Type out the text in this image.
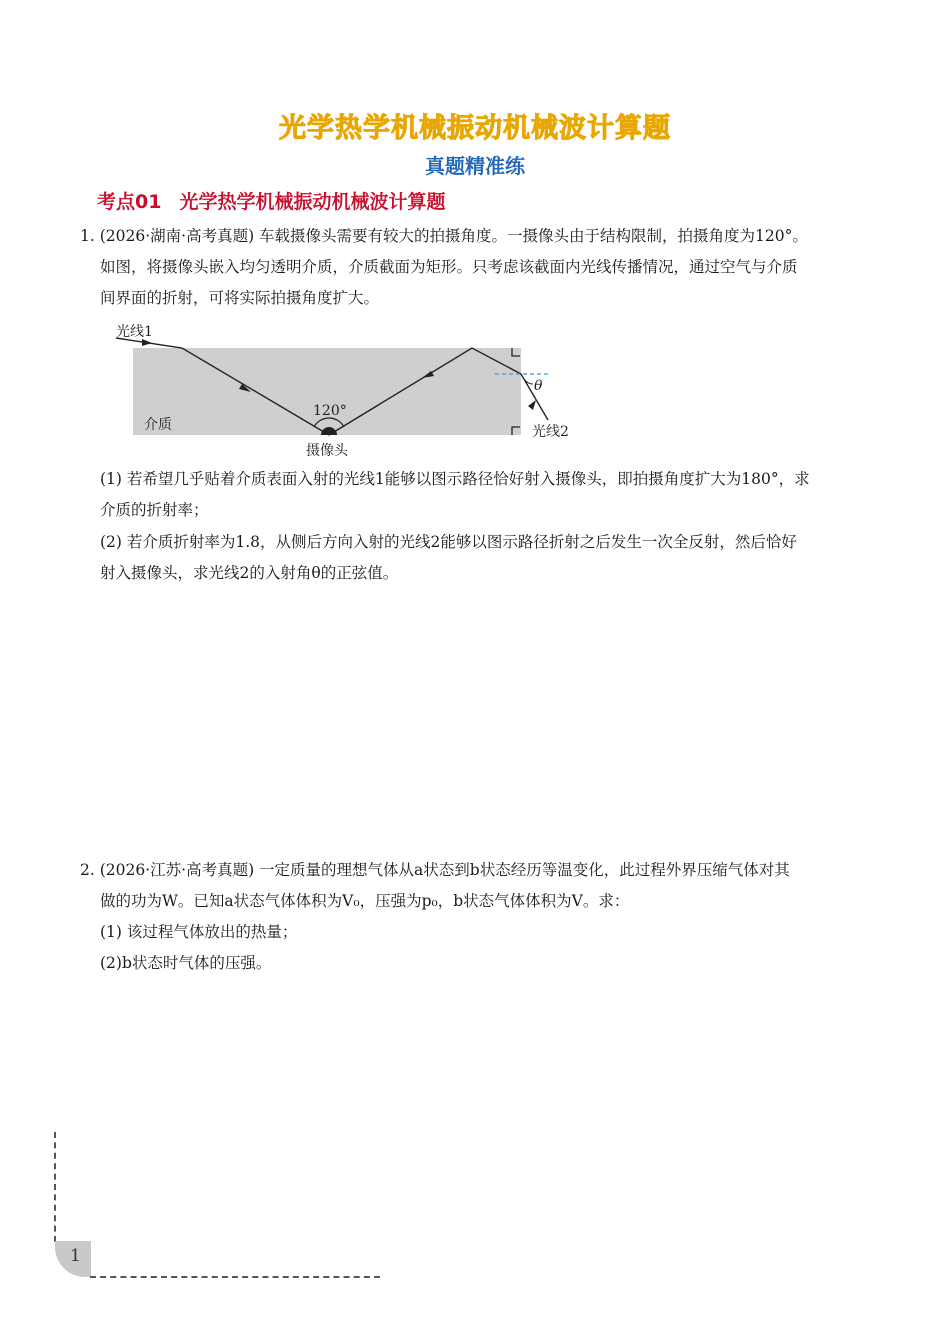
光学热学机械振动机械波计算题
真题精准练
考点01 光学热学机械振动机械波计算题
1. (2026·湖南·高考真题) 车载摄像头需要有较大的拍摄角度。一摄像头由于结构限制，拍摄角度为120°。
如图，将摄像头嵌入均匀透明介质，介质截面为矩形。只考虑该截面内光线传播情况，通过空气与介质
间界面的折射，可将实际拍摄角度扩大。
光线1
光线2
介质
摄像头
120°
θ
(1) 若希望几乎贴着介质表面入射的光线1能够以图示路径恰好射入摄像头，即拍摄角度扩大为180°，求
介质的折射率；
(2) 若介质折射率为1.8，从侧后方向入射的光线2能够以图示路径折射之后发生一次全反射，然后恰好
射入摄像头，求光线2的入射角θ的正弦值。
2. (2026·江苏·高考真题) 一定质量的理想气体从a状态到b状态经历等温变化，此过程外界压缩气体对其
做的功为W。已知a状态气体体积为V₀，压强为p₀，b状态气体体积为V。求：
(1) 该过程气体放出的热量；
(2)b状态时气体的压强。
1
